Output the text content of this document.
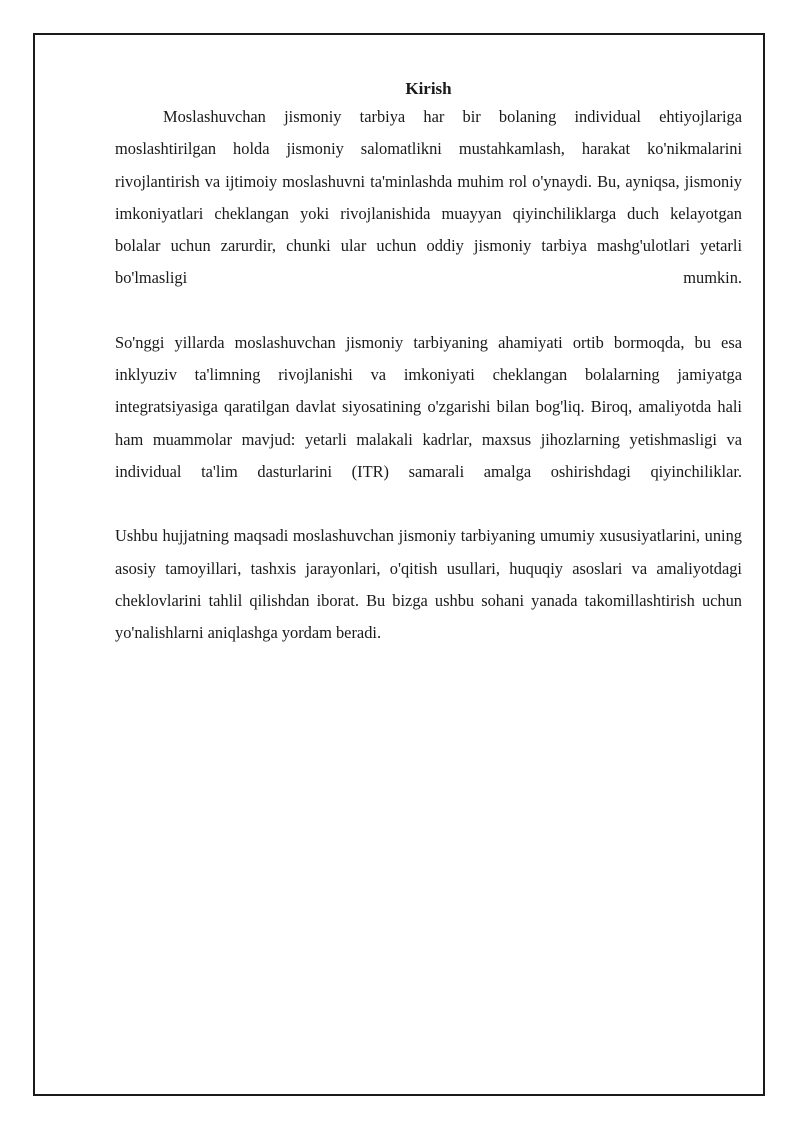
Kirish

Moslashuvchan jismoniy tarbiya har bir bolaning individual ehtiyojlariga moslashtirilgan holda jismoniy salomatlikni mustahkamlash, harakat ko'nikmalarini rivojlantirish va ijtimoiy moslashuvni ta'minlashda muhim rol o'ynaydi. Bu, ayniqsa, jismoniy imkoniyatlari cheklangan yoki rivojlanishida muayyan qiyinchiliklarga duch kelayotgan bolalar uchun zarurdir, chunki ular uchun oddiy jismoniy tarbiya mashg'ulotlari yetarli bo'lmasligi mumkin.

So'nggi yillarda moslashuvchan jismoniy tarbiyaning ahamiyati ortib bormoqda, bu esa inklyuziv ta'limning rivojlanishi va imkoniyati cheklangan bolalarning jamiyatga integratsiyasiga qaratilgan davlat siyosatining o'zgarishi bilan bog'liq. Biroq, amaliyotda hali ham muammolar mavjud: yetarli malakali kadrlar, maxsus jihozlarning yetishmasligi va individual ta'lim dasturlarini (ITR) samarali amalga oshirishdagi qiyinchiliklar.

Ushbu hujjatning maqsadi moslashuvchan jismoniy tarbiyaning umumiy xususiyatlarini, uning asosiy tamoyillari, tashxis jarayonlari, o'qitish usullari, huquqiy asoslari va amaliyotdagi cheklovlarini tahlil qilishdan iborat. Bu bizga ushbu sohani yanada takomillashtirish uchun yo'nalishlarni aniqlashga yordam beradi.
